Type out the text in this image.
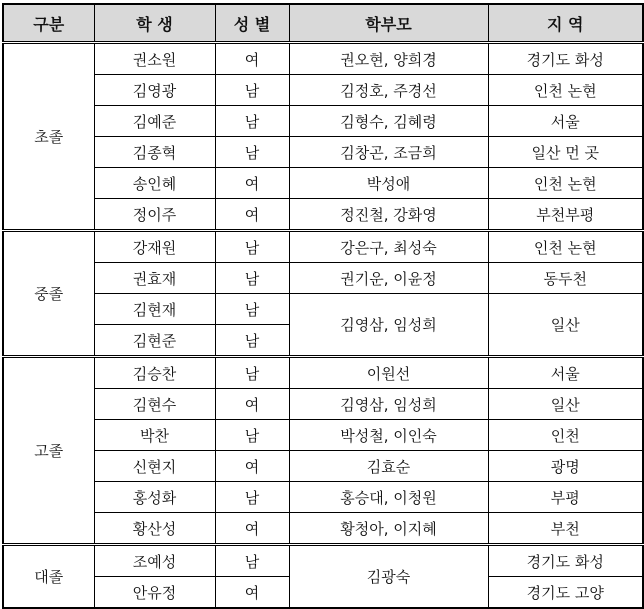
구분	학 생	성 별	학부모	지 역
초졸	권소원	여	권오현, 양희경	경기도 화성
	김영광	남	김정호, 주경선	인천 논현
	김예준	남	김형수, 김혜령	서울
	김종혁	남	김창곤, 조금희	일산 먼 곳
	송인혜	여	박성애	인천 논현
	정이주	여	정진철, 강화영	부천부평
중졸	강재원	남	강은구, 최성숙	인천 논현
	권효재	남	권기운, 이윤정	동두천
	김현재	남	김영삼, 임성희	일산
	김현준	남		
고졸	김승찬	남	이원선	서울
	김현수	여	김영삼, 임성희	일산
	박찬	남	박성철, 이인숙	인천
	신현지	여	김효순	광명
	홍성화	남	홍승대, 이청원	부평
	황산성	여	황청아, 이지혜	부천
대졸	조예성	남	김광숙	경기도 화성
	안유정	여		경기도 고양
